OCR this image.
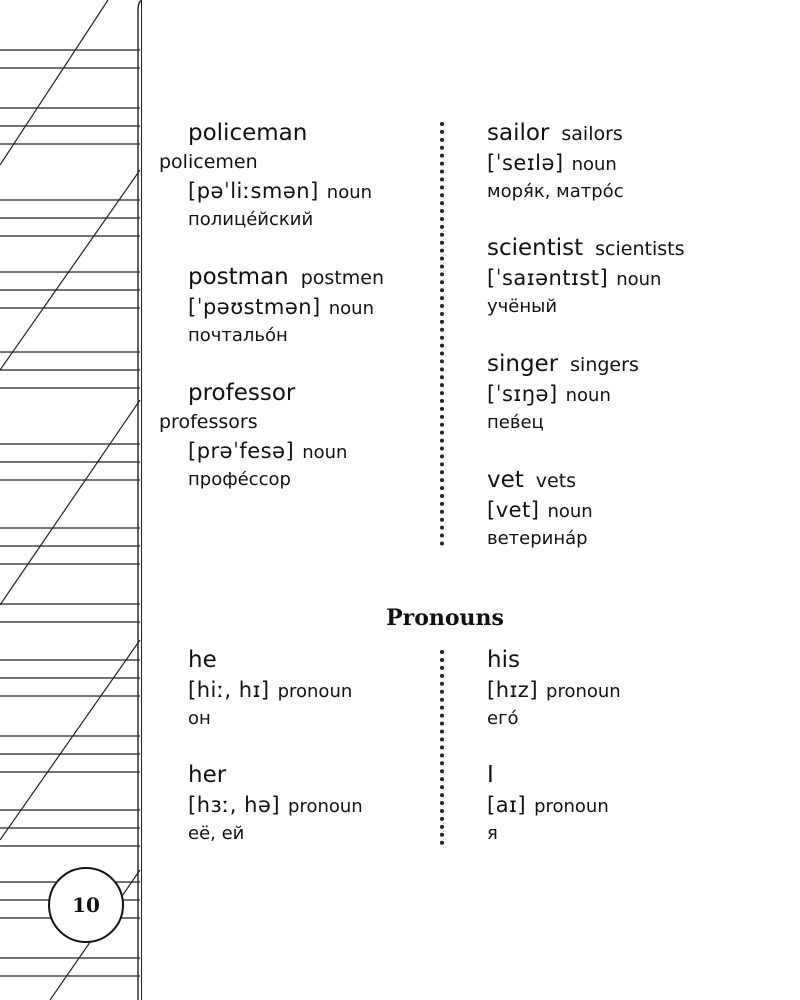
policeman
policemen
[pəˈliːsmən] noun
полице́йский
postman postmen
[ˈpəʊstmən] noun
почтальо́н
professor
professors
[prəˈfesə] noun
профе́ссор
sailor sailors
[ˈseɪlə] noun
моря́к, матро́с
scientist scientists
[ˈsaɪəntɪst] noun
учёный
singer singers
[ˈsɪŋə] noun
пев́ец
vet vets
[vet] noun
ветерина́р
Pronouns
he
[hiː, hɪ] pronoun
он
her
[hɜː, hə] pronoun
её, ей
his
[hɪz] pronoun
его́
I
[aɪ] pronoun
я
10
